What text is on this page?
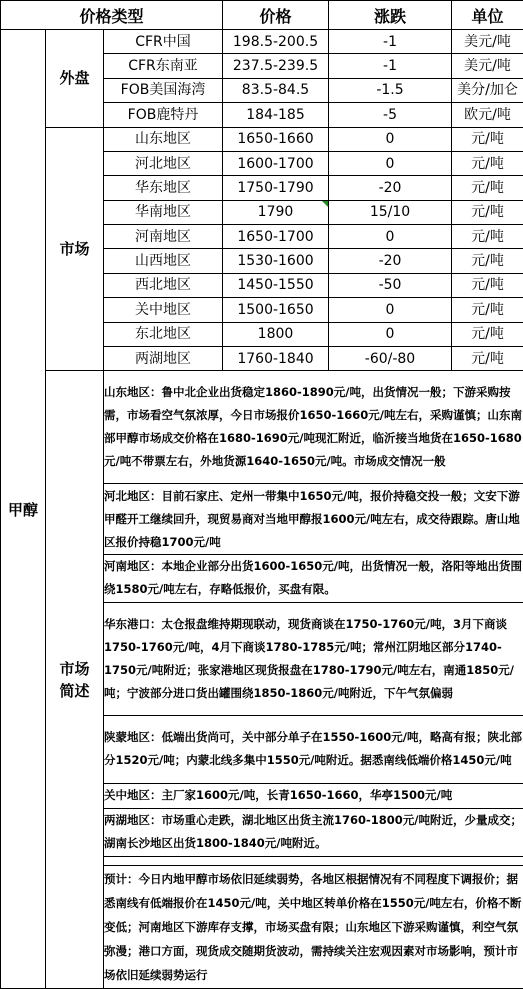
价格类型			价格	涨跌	单位
甲醇	外盘	CFR中国	198.5-200.5	-1	美元/吨
		CFR东南亚	237.5-239.5	-1	美元/吨
		FOB美国海湾	83.5-84.5	-1.5	美分/加仑
		FOB鹿特丹	184-185	-5	欧元/吨
	市场	山东地区	1650-1660	0	元/吨
		河北地区	1600-1700	0	元/吨
		华东地区	1750-1790	-20	元/吨
		华南地区	1790	15/10	元/吨
		河南地区	1650-1700	0	元/吨
		山西地区	1530-1600	-20	元/吨
		西北地区	1450-1550	-50	元/吨
		关中地区	1500-1650	0	元/吨
		东北地区	1800	0	元/吨
		两湖地区	1760-1840	-60/-80	元/吨

	市场
简述	山东地区：鲁中北企业出货稳定1860-1890元/吨，出货情况一般；下游采购按需，市场看空气氛浓厚，今日市场报价1650-1660元/吨左右，采购谨慎；山东南部甲醇市场成交价格在1680-1690元/吨现汇附近，临沂接当地货在1650-1680元/吨不带票左右，外地货源1640-1650元/吨。市场成交情况一般			
		河北地区：目前石家庄、定州一带集中1650元/吨，报价持稳交投一般；文安下游甲醛开工继续回升，现贸易商对当地甲醇报1600元/吨左右，成交待跟踪。唐山地区报价持稳1700元/吨			
		河南地区：本地企业部分出货1600-1650元/吨，出货情况一般，洛阳等地出货围绕1580元/吨左右，存略低报价，买盘有限。			
		华东港口：太仓报盘维持期现联动，现货商谈在1750-1760元/吨，3月下商谈1750-1760元/吨，4月下商谈1780-1785元/吨；常州江阴地区部分1740-1750元/吨附近；张家港地区现货报盘在1780-1790元/吨左右，南通1850元/吨；宁波部分进口货出罐围绕1850-1860元/吨附近，下午气氛偏弱			
		陕蒙地区：低端出货尚可，关中部分单子在1550-1600元/吨，略高有报；陕北部分1520元/吨；内蒙北线多集中1550元/吨附近。据悉南线低端价格1450元/吨			
		关中地区：主厂家1600元/吨，长青1650-1660，华亭1500元/吨			
		两湖地区：市场重心走跌，湖北地区出货主流1760-1800元/吨附近，少量成交；湖南长沙地区出货1800-1840元/吨附近。			

		预计：今日内地甲醇市场依旧延续弱势，各地区根据情况有不同程度下调报价；据悉南线有低端报价在1450元/吨，关中地区转单价格在1550元/吨左右，价格不断变低；河南地区下游库存支撑，市场买盘有限；山东地区下游采购谨慎，利空气氛弥漫；港口方面，现货成交随期货波动，需持续关注宏观因素对市场影响，预计市场依旧延续弱势运行			
